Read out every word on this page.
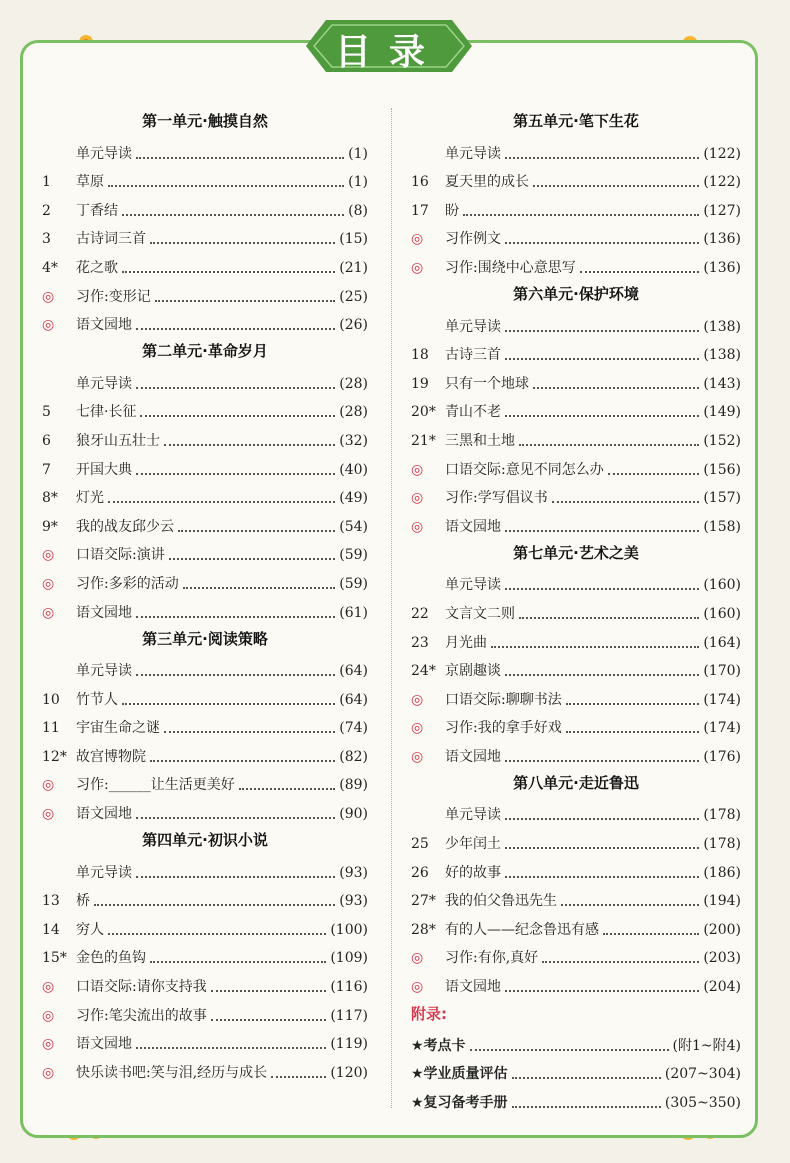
目录
第一单元·触摸自然
单元导读	(1)
1	草原	(1)
2	丁香结	(8)
3	古诗词三首	(15)
4*	花之歌	(21)
◎	习作:变形记	(25)
◎	语文园地	(26)
第二单元·革命岁月
单元导读	(28)
5	七律·长征	(28)
6	狼牙山五壮士	(32)
7	开国大典	(40)
8*	灯光	(49)
9*	我的战友邱少云	(54)
◎	口语交际:演讲	(59)
◎	习作:多彩的活动	(59)
◎	语文园地	(61)
第三单元·阅读策略
单元导读	(64)
10	竹节人	(64)
11	宇宙生命之谜	(74)
12* 故宫博物院	(82)
◎	习作:______让生活更美好	(89)
◎	语文园地	(90)
第四单元·初识小说
单元导读	(93)
13	桥	(93)
14	穷人	(100)
15* 金色的鱼钩	(109)
◎	口语交际:请你支持我	(116)
◎	习作:笔尖流出的故事	(117)
◎	语文园地	(119)
◎	快乐读书吧:笑与泪,经历与成长	(120)
第五单元·笔下生花
单元导读	(122)
16	夏天里的成长	(122)
17	盼	(127)
◎	习作例文	(136)
◎	习作:围绕中心意思写	(136)
第六单元·保护环境
单元导读	(138)
18	古诗三首	(138)
19	只有一个地球	(143)
20* 青山不老	(149)
21* 三黑和土地	(152)
◎	口语交际:意见不同怎么办	(156)
◎	习作:学写倡议书	(157)
◎	语文园地	(158)
第七单元·艺术之美
单元导读	(160)
22	文言文二则	(160)
23	月光曲	(164)
24* 京剧趣谈	(170)
◎	口语交际:聊聊书法	(174)
◎	习作:我的拿手好戏	(174)
◎	语文园地	(176)
第八单元·走近鲁迅
单元导读	(178)
25	少年闰土	(178)
26	好的故事	(186)
27* 我的伯父鲁迅先生	(194)
28* 有的人——纪念鲁迅有感	(200)
◎	习作:有你,真好	(203)
◎	语文园地	(204)
附录:
★考点卡	(附1~附4)
★学业质量评估	(207~304)
★复习备考手册	(305~350)
